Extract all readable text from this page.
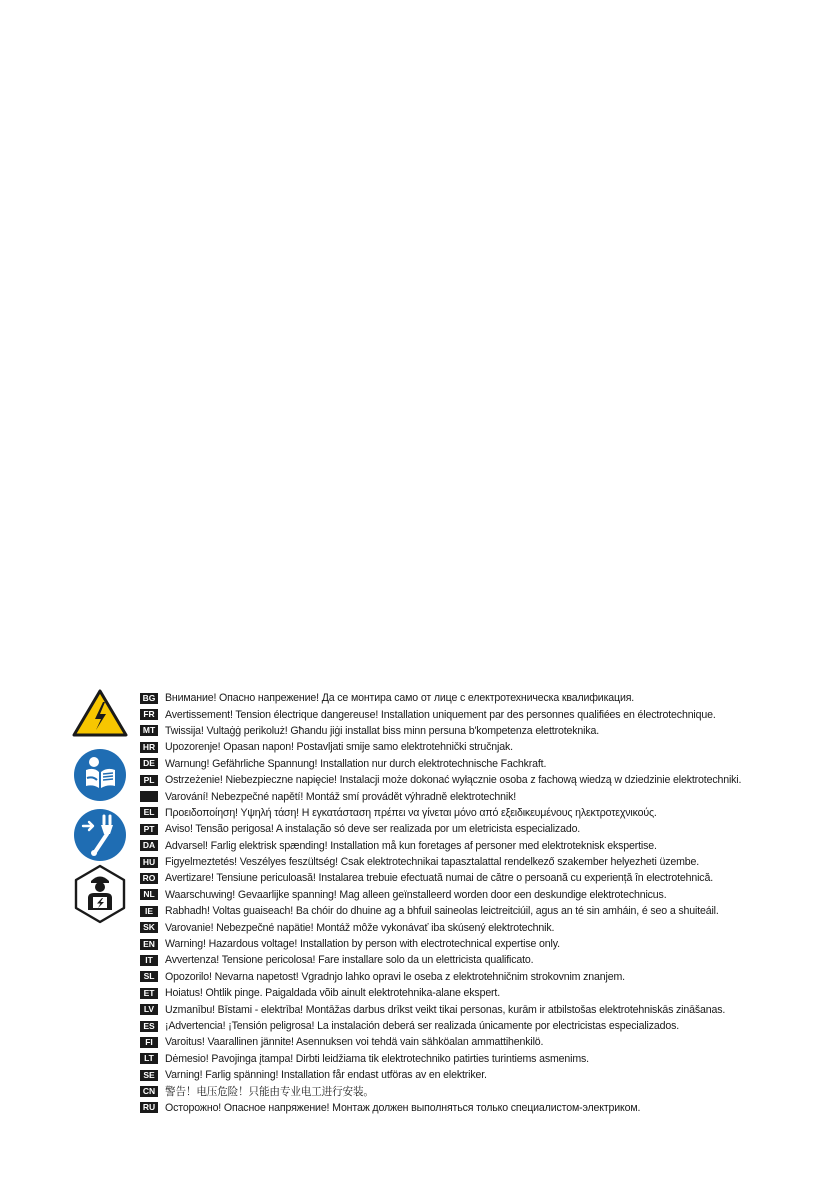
BG Внимание! Опасно напрежение! Да се монтира само от лице с електротехническа квалификация.
FR Avertissement! Tension électrique dangereuse! Installation uniquement par des personnes qualifiées en électrotechnique.
MT Twissija! Vultaġġ perikoluż! Għandu jiġi installat biss minn persuna b'kompetenza elettroteknika.
HR Upozorenje! Opasan napon! Postavljati smije samo elektrotehnički stručnjak.
DE Warnung! Gefährliche Spannung! Installation nur durch elektrotechnische Fachkraft.
PL Ostrzeżenie! Niebezpieczne napięcie! Instalacji może dokonać wyłącznie osoba z fachową wiedzą w dziedzinie elektrotechniki.
Varování! Nebezpečné napětí! Montáž smí provádět výhradně elektrotechnik!
EL Προειδοποίηση! Υψηλή τάση! Η εγκατάσταση πρέπει να γίνεται μόνο από εξειδικευμένους ηλεκτροτεχνικούς.
PT Aviso! Tensão perigosa! A instalação só deve ser realizada por um eletricista especializado.
DA Advarsel! Farlig elektrisk spænding! Installation må kun foretages af personer med elektroteknisk ekspertise.
HU Figyelmeztetés! Veszélyes feszültség! Csak elektrotechnikai tapasztalattal rendelkező szakember helyezheti üzembe.
RO Avertizare! Tensiune periculoasă! Instalarea trebuie efectuată numai de către o persoană cu experiență în electrotehnică.
NL Waarschuwing! Gevaarlijke spanning! Mag alleen geïnstalleerd worden door een deskundige elektrotechnicus.
IE	Rabhadh! Voltas guaiseach! Ba chóir do dhuine ag a bhfuil saineolas leictreitciúil, agus an té sin amháin, é seo a shuiteáil.
SK Varovanie! Nebezpečné napätie! Montáž môže vykonávať iba skúsený elektrotechnik.
EN Warning! Hazardous voltage! Installation by person with electrotechnical expertise only.
IT	Avvertenza! Tensione pericolosa! Fare installare solo da un elettricista qualificato.
SL Opozorilo! Nevarna napetost! Vgradnjo lahko opravi le oseba z elektrotehničnim strokovnim znanjem.
ET Hoiatus! Ohtlik pinge. Paigaldada võib ainult elektrotehnika-alane ekspert.
LV	Uzmanību! Bīstami - elektrība! Montāžas darbus drīkst veikt tikai personas, kurām ir atbilstošas elektrotehniskās zināšanas.
ES ¡Advertencia! ¡Tensión peligrosa! La instalación deberá ser realizada únicamente por electricistas especializados.
FI	Varoitus! Vaarallinen jännite! Asennuksen voi tehdä vain sähköalan ammattihenkilö.
LT	Dėmesio! Pavojinga įtampa! Dirbti leidžiama tik elektrotechniko patirties turintiems asmenims.
SE Varning! Farlig spänning! Installation får endast utföras av en elektriker.
CN 警告！电压危险！只能由专业电工进行安装。
RU Осторожно! Опасное напряжение! Монтаж должен выполняться только специалистом-электриком.
